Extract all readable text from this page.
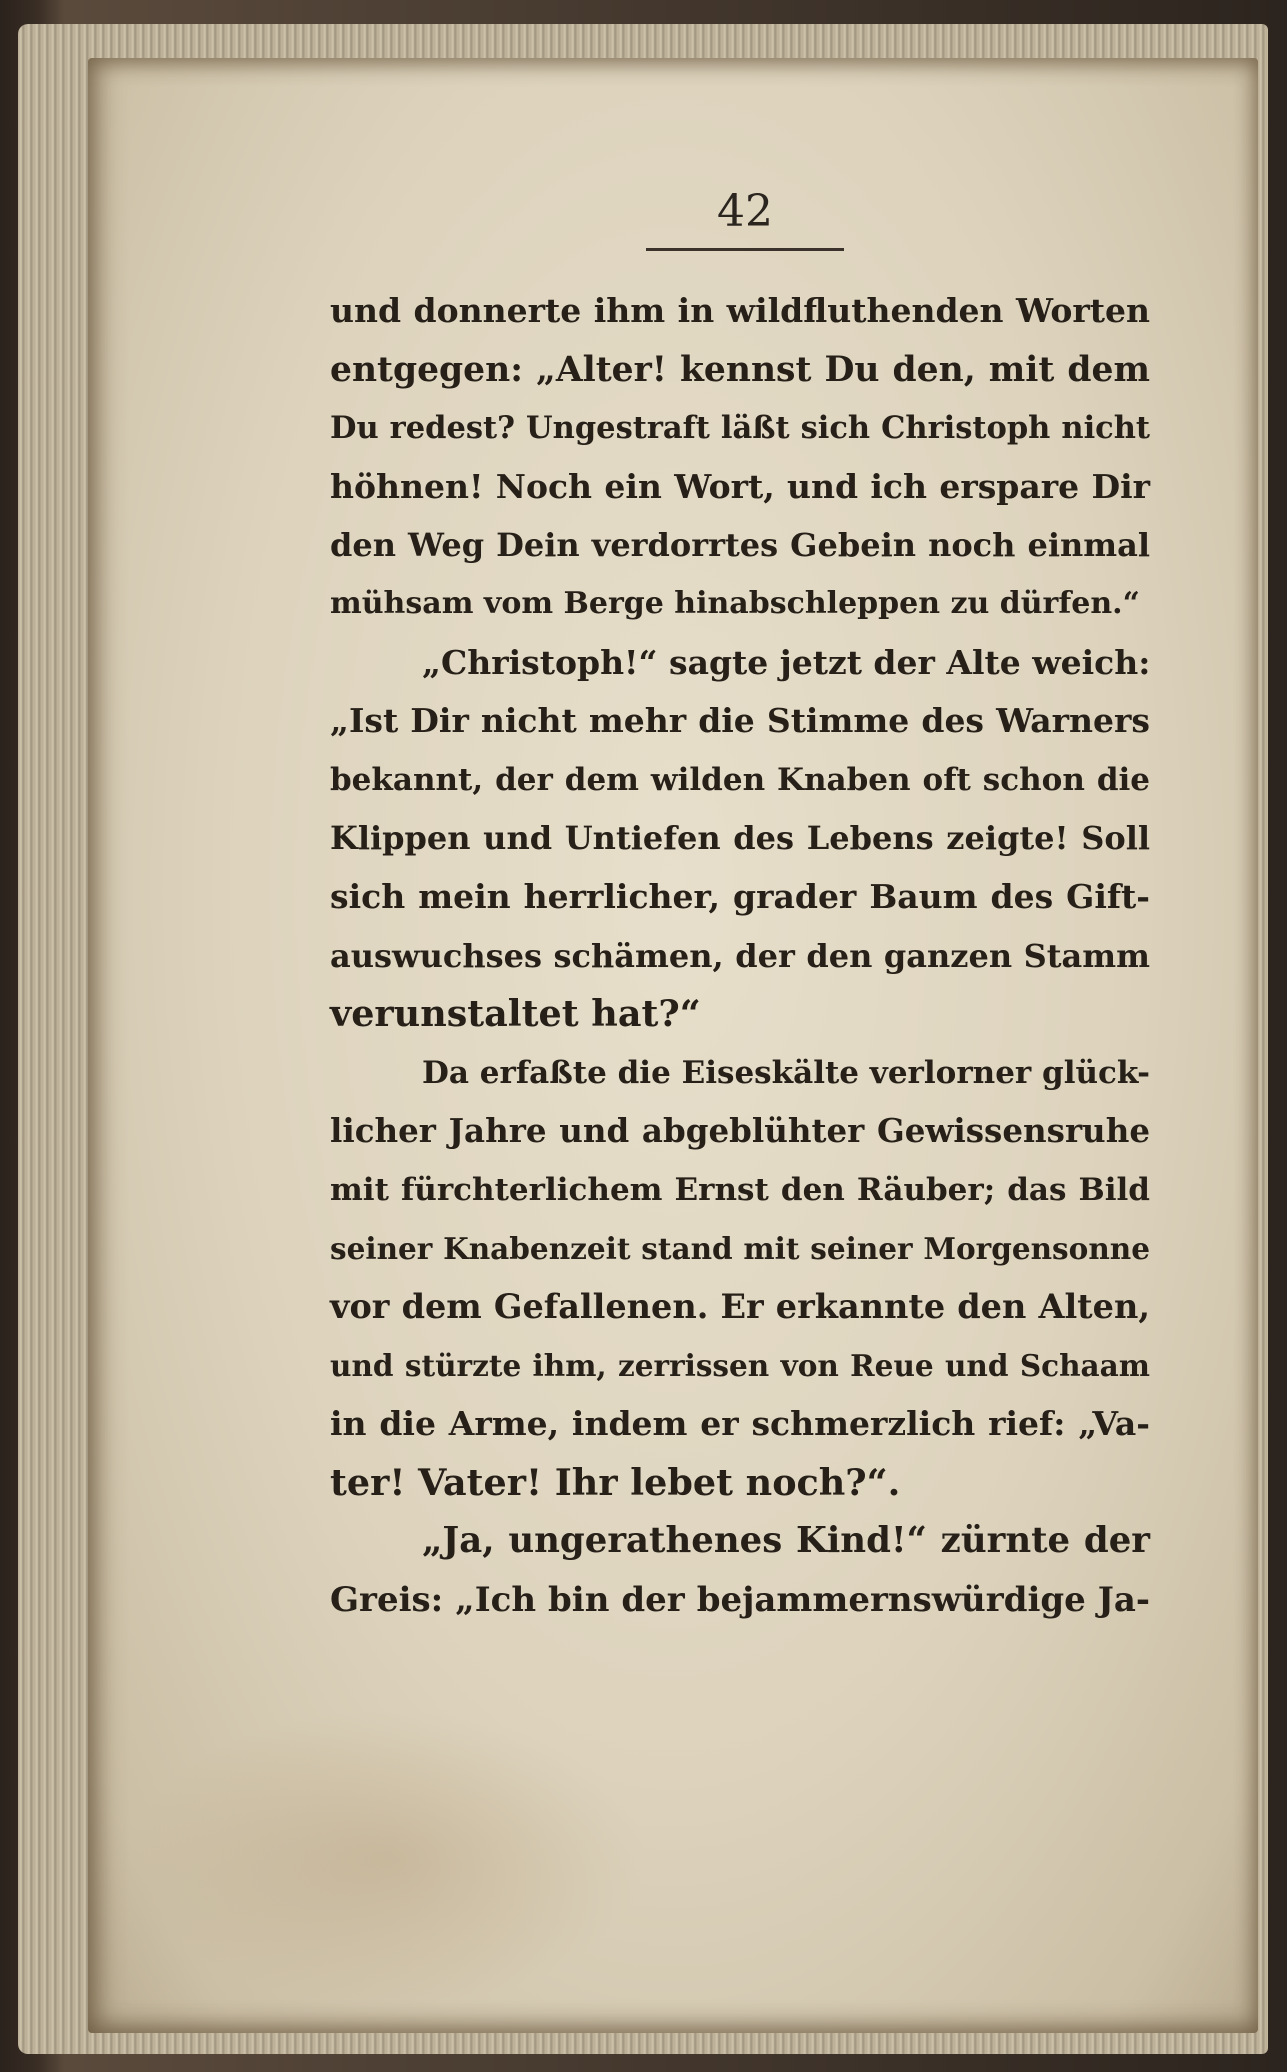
42
und donnerte ihm in wildfluthenden Worten
entgegen: „Alter! kennst Du den, mit dem
Du redest? Ungestraft läßt sich Christoph nicht
höhnen! Noch ein Wort, und ich erspare Dir
den Weg Dein verdorrtes Gebein noch einmal
mühsam vom Berge hinabschleppen zu dürfen.“
„Christoph!“ sagte jetzt der Alte weich:
„Ist Dir nicht mehr die Stimme des Warners
bekannt, der dem wilden Knaben oft schon die
Klippen und Untiefen des Lebens zeigte! Soll
sich mein herrlicher, grader Baum des Gift-
auswuchses schämen, der den ganzen Stamm
verunstaltet hat?“
Da erfaßte die Eiseskälte verlorner glück-
licher Jahre und abgeblühter Gewissensruhe
mit fürchterlichem Ernst den Räuber; das Bild
seiner Knabenzeit stand mit seiner Morgensonne
vor dem Gefallenen. Er erkannte den Alten,
und stürzte ihm, zerrissen von Reue und Schaam
in die Arme, indem er schmerzlich rief: „Va-
ter! Vater! Ihr lebet noch?“.
„Ja, ungerathenes Kind!“ zürnte der
Greis: „Ich bin der bejammernswürdige Ja-
